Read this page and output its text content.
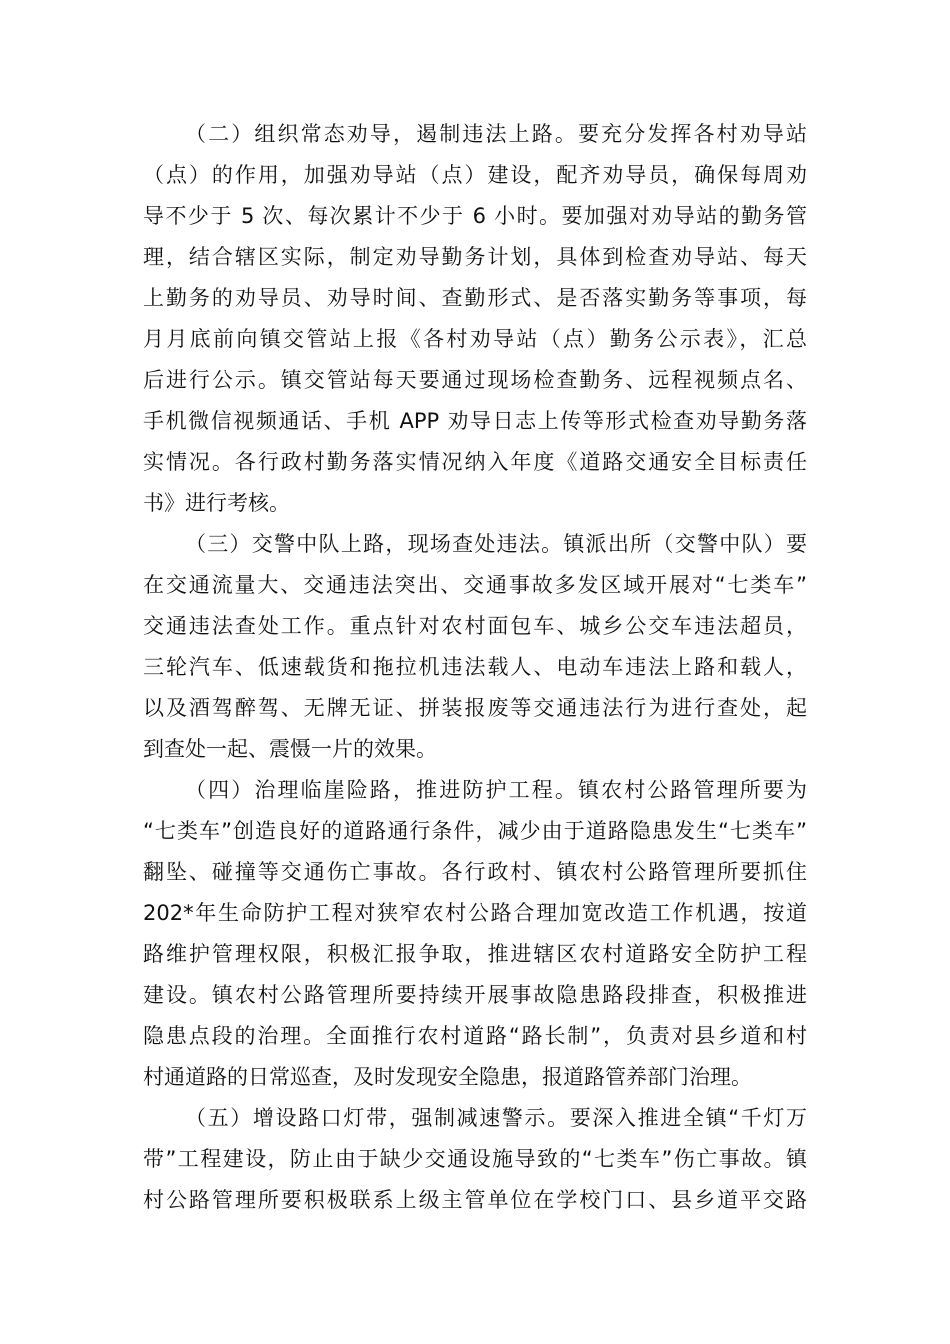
（二）组织常态劝导，遏制违法上路。要充分发挥各村劝导站
（点）的作用，加强劝导站（点）建设，配齐劝导员，确保每周劝
导不少于 5 次、每次累计不少于 6 小时。要加强对劝导站的勤务管
理，结合辖区实际，制定劝导勤务计划，具体到检查劝导站、每天
上勤务的劝导员、劝导时间、查勤形式、是否落实勤务等事项，每
月月底前向镇交管站上报《各村劝导站（点）勤务公示表》，汇总
后进行公示。镇交管站每天要通过现场检查勤务、远程视频点名、
手机微信视频通话、手机 APP 劝导日志上传等形式检查劝导勤务落
实情况。各行政村勤务落实情况纳入年度《道路交通安全目标责任
书》进行考核。
（三）交警中队上路，现场查处违法。镇派出所（交警中队）要
在交通流量大、交通违法突出、交通事故多发区域开展对“七类车”
交通违法查处工作。重点针对农村面包车、城乡公交车违法超员，
三轮汽车、低速载货和拖拉机违法载人、电动车违法上路和载人，
以及酒驾醉驾、无牌无证、拼装报废等交通违法行为进行查处，起
到查处一起、震慑一片的效果。
（四）治理临崖险路，推进防护工程。镇农村公路管理所要为
“七类车”创造良好的道路通行条件，减少由于道路隐患发生“七类车”
翻坠、碰撞等交通伤亡事故。各行政村、镇农村公路管理所要抓住
202*年生命防护工程对狭窄农村公路合理加宽改造工作机遇，按道
路维护管理权限，积极汇报争取，推进辖区农村道路安全防护工程
建设。镇农村公路管理所要持续开展事故隐患路段排查，积极推进
隐患点段的治理。全面推行农村道路“路长制”，负责对县乡道和村
村通道路的日常巡查，及时发现安全隐患，报道路管养部门治理。
（五）增设路口灯带，强制减速警示。要深入推进全镇“千灯万
带”工程建设，防止由于缺少交通设施导致的“七类车”伤亡事故。镇
村公路管理所要积极联系上级主管单位在学校门口、县乡道平交路
